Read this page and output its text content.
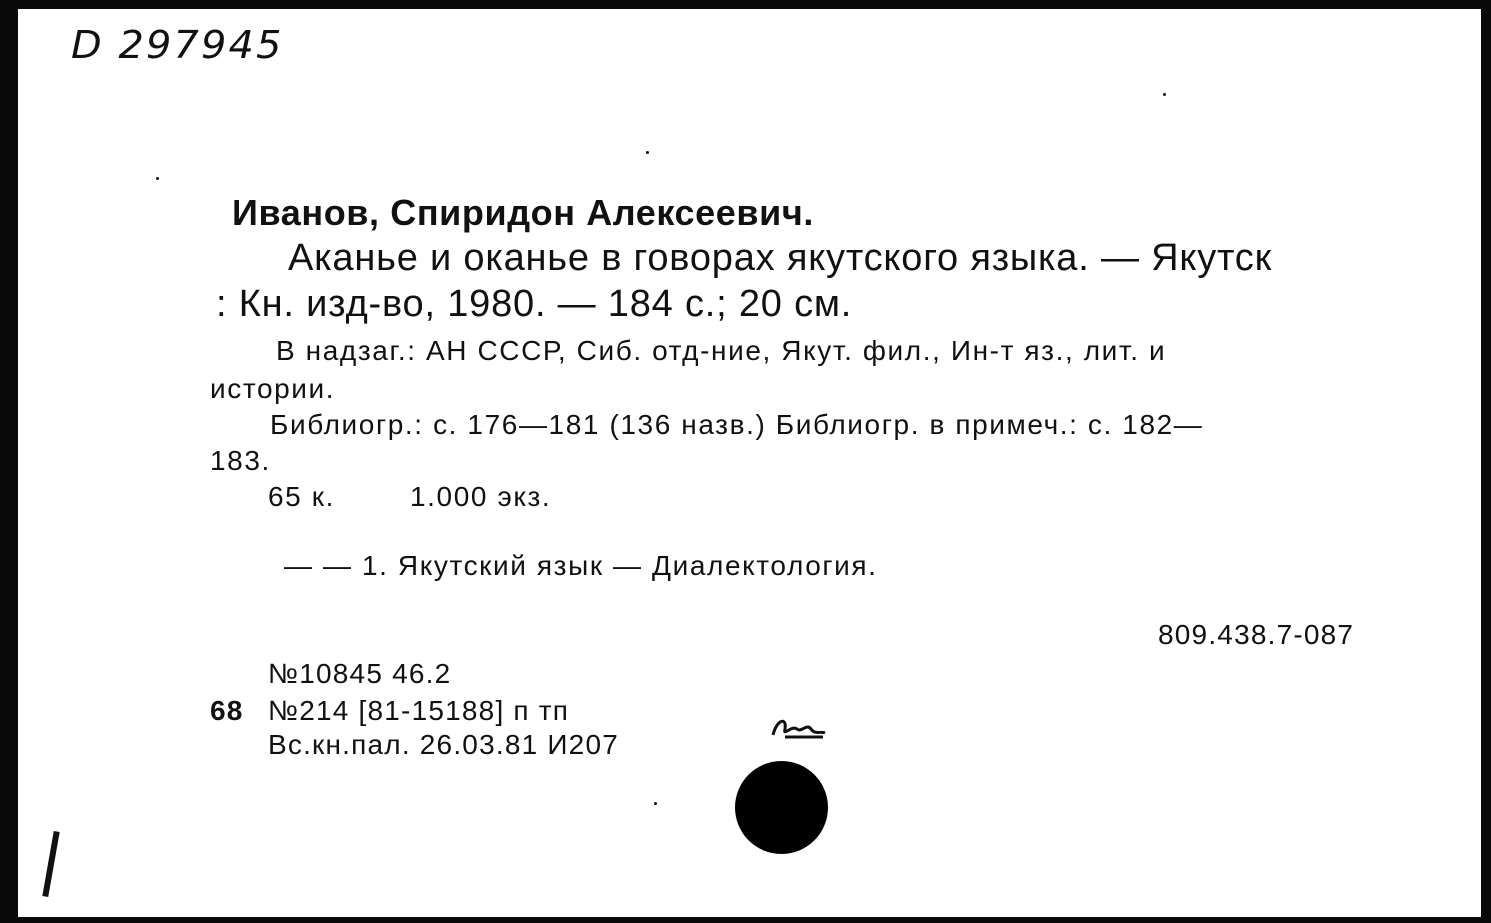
D 297945
Иванов, Спиридон Алексеевич.
Аканье и оканье в говорах якутского языка. — Якутск
: Кн. изд-во, 1980. — 184 с.; 20 см.
В надзаг.: АН СССР, Сиб. отд-ние, Якут. фил., Ин-т яз., лит. и
истории.
Библиогр.: с. 176—181 (136 назв.) Библиогр. в примеч.: с. 182—
183.
65 к.	1.000 экз.
— — 1. Якутский язык — Диалектология.
809.438.7-087
№10845 46.2
68 №214 [81-15188] п тп
Вс.кн.пал. 26.03.81 И207
